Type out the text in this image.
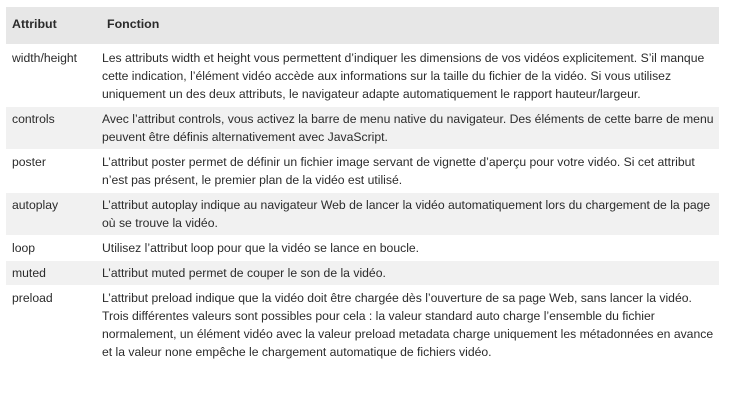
Attribut	Fonction
width/height	Les attributs width et height vous permettent d’indiquer les dimensions de vos vidéos explicitement. S’il manque cette indication, l’élément vidéo accède aux informations sur la taille du fichier de la vidéo. Si vous utilisez uniquement un des deux attributs, le navigateur adapte automatiquement le rapport hauteur/largeur.
controls	Avec l’attribut controls, vous activez la barre de menu native du navigateur. Des éléments de cette barre de menu peuvent être définis alternativement avec JavaScript.
poster	L’attribut poster permet de définir un fichier image servant de vignette d’aperçu pour votre vidéo. Si cet attribut n’est pas présent, le premier plan de la vidéo est utilisé.
autoplay	L’attribut autoplay indique au navigateur Web de lancer la vidéo automatiquement lors du chargement de la page où se trouve la vidéo.
loop	Utilisez l’attribut loop pour que la vidéo se lance en boucle.
muted	L’attribut muted permet de couper le son de la vidéo.
preload	L’attribut preload indique que la vidéo doit être chargée dès l’ouverture de sa page Web, sans lancer la vidéo. Trois différentes valeurs sont possibles pour cela : la valeur standard auto charge l’ensemble du fichier normalement, un élément vidéo avec la valeur preload metadata charge uniquement les métadonnées en avance et la valeur none empêche le chargement automatique de fichiers vidéo.
